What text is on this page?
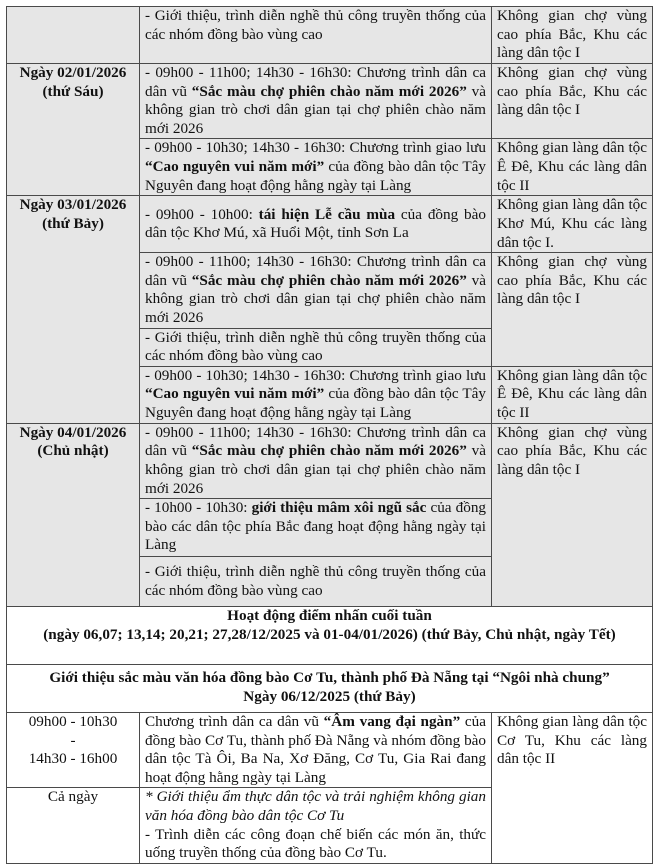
	- Giới thiệu, trình diễn nghề thủ công truyền thống của các nhóm đồng bào vùng cao	Không gian chợ vùng cao phía Bắc, Khu các làng dân tộc I

Ngày 02/01/2026
(thứ Sáu)	- 09h00 - 11h00; 14h30 - 16h30: Chương trình dân ca dân vũ “Sắc màu chợ phiên chào năm mới 2026” và không gian trò chơi dân gian tại chợ phiên chào năm mới 2026	Không gian chợ vùng cao phía Bắc, Khu các làng dân tộc I
	- 09h00 - 10h30; 14h30 - 16h30: Chương trình giao lưu “Cao nguyên vui năm mới” của đồng bào dân tộc Tây Nguyên đang hoạt động hằng ngày tại Làng	Không gian làng dân tộc Ê Đê, Khu các làng dân tộc II

Ngày 03/01/2026
(thứ Bảy)	- 09h00 - 10h00: tái hiện Lễ cầu mùa của đồng bào dân tộc Khơ Mú, xã Huổi Một, tỉnh Sơn La	Không gian làng dân tộc Khơ Mú, Khu các làng dân tộc I.
	- 09h00 - 11h00; 14h30 - 16h30: Chương trình dân ca dân vũ “Sắc màu chợ phiên chào năm mới 2026” và không gian trò chơi dân gian tại chợ phiên chào năm mới 2026	Không gian chợ vùng cao phía Bắc, Khu các làng dân tộc I
	- Giới thiệu, trình diễn nghề thủ công truyền thống của các nhóm đồng bào vùng cao	
	- 09h00 - 10h30; 14h30 - 16h30: Chương trình giao lưu “Cao nguyên vui năm mới” của đồng bào dân tộc Tây Nguyên đang hoạt động hằng ngày tại Làng	Không gian làng dân tộc Ê Đê, Khu các làng dân tộc II

Ngày 04/01/2026
(Chủ nhật)	- 09h00 - 11h00; 14h30 - 16h30: Chương trình dân ca dân vũ “Sắc màu chợ phiên chào năm mới 2026” và không gian trò chơi dân gian tại chợ phiên chào năm mới 2026	Không gian chợ vùng cao phía Bắc, Khu các làng dân tộc I
	- 10h00 - 10h30: giới thiệu mâm xôi ngũ sắc của đồng bào các dân tộc phía Bắc đang hoạt động hằng ngày tại Làng	
	- Giới thiệu, trình diễn nghề thủ công truyền thống của các nhóm đồng bào vùng cao	

Hoạt động điểm nhấn cuối tuần
(ngày 06,07; 13,14; 20,21; 27,28/12/2025 và 01-04/01/2026) (thứ Bảy, Chủ nhật, ngày Tết)		

Giới thiệu sắc màu văn hóa đồng bào Cơ Tu, thành phố Đà Nẵng tại “Ngôi nhà chung”
Ngày 06/12/2025 (thứ Bảy)		

09h00 - 10h30
-
14h30 - 16h00	Chương trình dân ca dân vũ “Âm vang đại ngàn” của đồng bào Cơ Tu, thành phố Đà Nẵng và nhóm đồng bào dân tộc Tà Ôi, Ba Na, Xơ Đăng, Cơ Tu, Gia Rai đang hoạt động hằng ngày tại Làng	Không gian làng dân tộc Cơ Tu, Khu các làng dân tộc II
Cả ngày	* Giới thiệu ẩm thực dân tộc và trải nghiệm không gian văn hóa đồng bào dân tộc Cơ Tu
- Trình diễn các công đoạn chế biến các món ăn, thức uống truyền thống của đồng bào Cơ Tu.	
